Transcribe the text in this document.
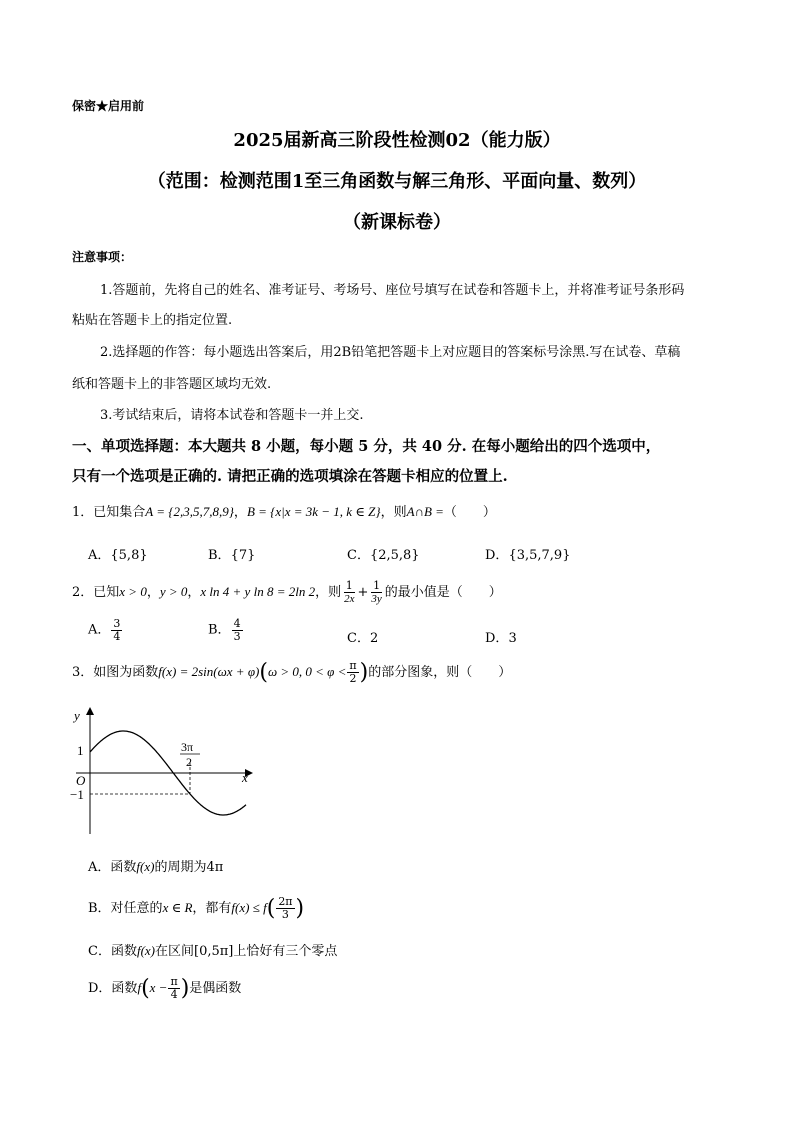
保密★启用前
2025届新高三阶段性检测02（能力版）
（范围：检测范围1至三角函数与解三角形、平面向量、数列）
（新课标卷）
注意事项：
1.答题前，先将自己的姓名、准考证号、考场号、座位号填写在试卷和答题卡上，并将准考证号条形码
粘贴在答题卡上的指定位置.
2.选择题的作答：每小题选出答案后，用2B铅笔把答题卡上对应题目的答案标号涂黑.写在试卷、草稿
纸和答题卡上的非答题区域均无效.
3.考试结束后，请将本试卷和答题卡一并上交.
一、单项选择题：本大题共 8 小题，每小题 5 分，共 40 分. 在每小题给出的四个选项中，
只有一个选项是正确的. 请把正确的选项填涂在答题卡相应的位置上.
1．已知集合A = {2,3,5,7,8,9}，B = {x|x = 3k − 1, k ∈ Z}，则A∩B =（　　）
A．{5,8}	B．{7}	C．{2,5,8}	D．{3,5,7,9}
2．已知x > 0，y > 0，x ln 4 + y ln 8 = 2ln 2，则 $\frac{1}{2x} + \frac{1}{3y}$ 的最小值是（　　）
A． $\frac{3}{4}$	B． $\frac{4}{3}$	C．2	D．3
3．如图为函数f(x) = 2sin(ωx + φ)(ω > 0, $0 < \varphi < \frac{\pi}{2}$ )的部分图象，则（　　）
y
x
O
1
−1
3π
2
A．函数f(x)的周期为4π
B．对任意的x ∈ R，都有$f(x) \le f( \frac{2\pi}{3}$ )
C．函数f(x)在区间[0,5π]上恰好有三个零点
D．函数$f(x - \frac{\pi}{4}$ )是偶函数
